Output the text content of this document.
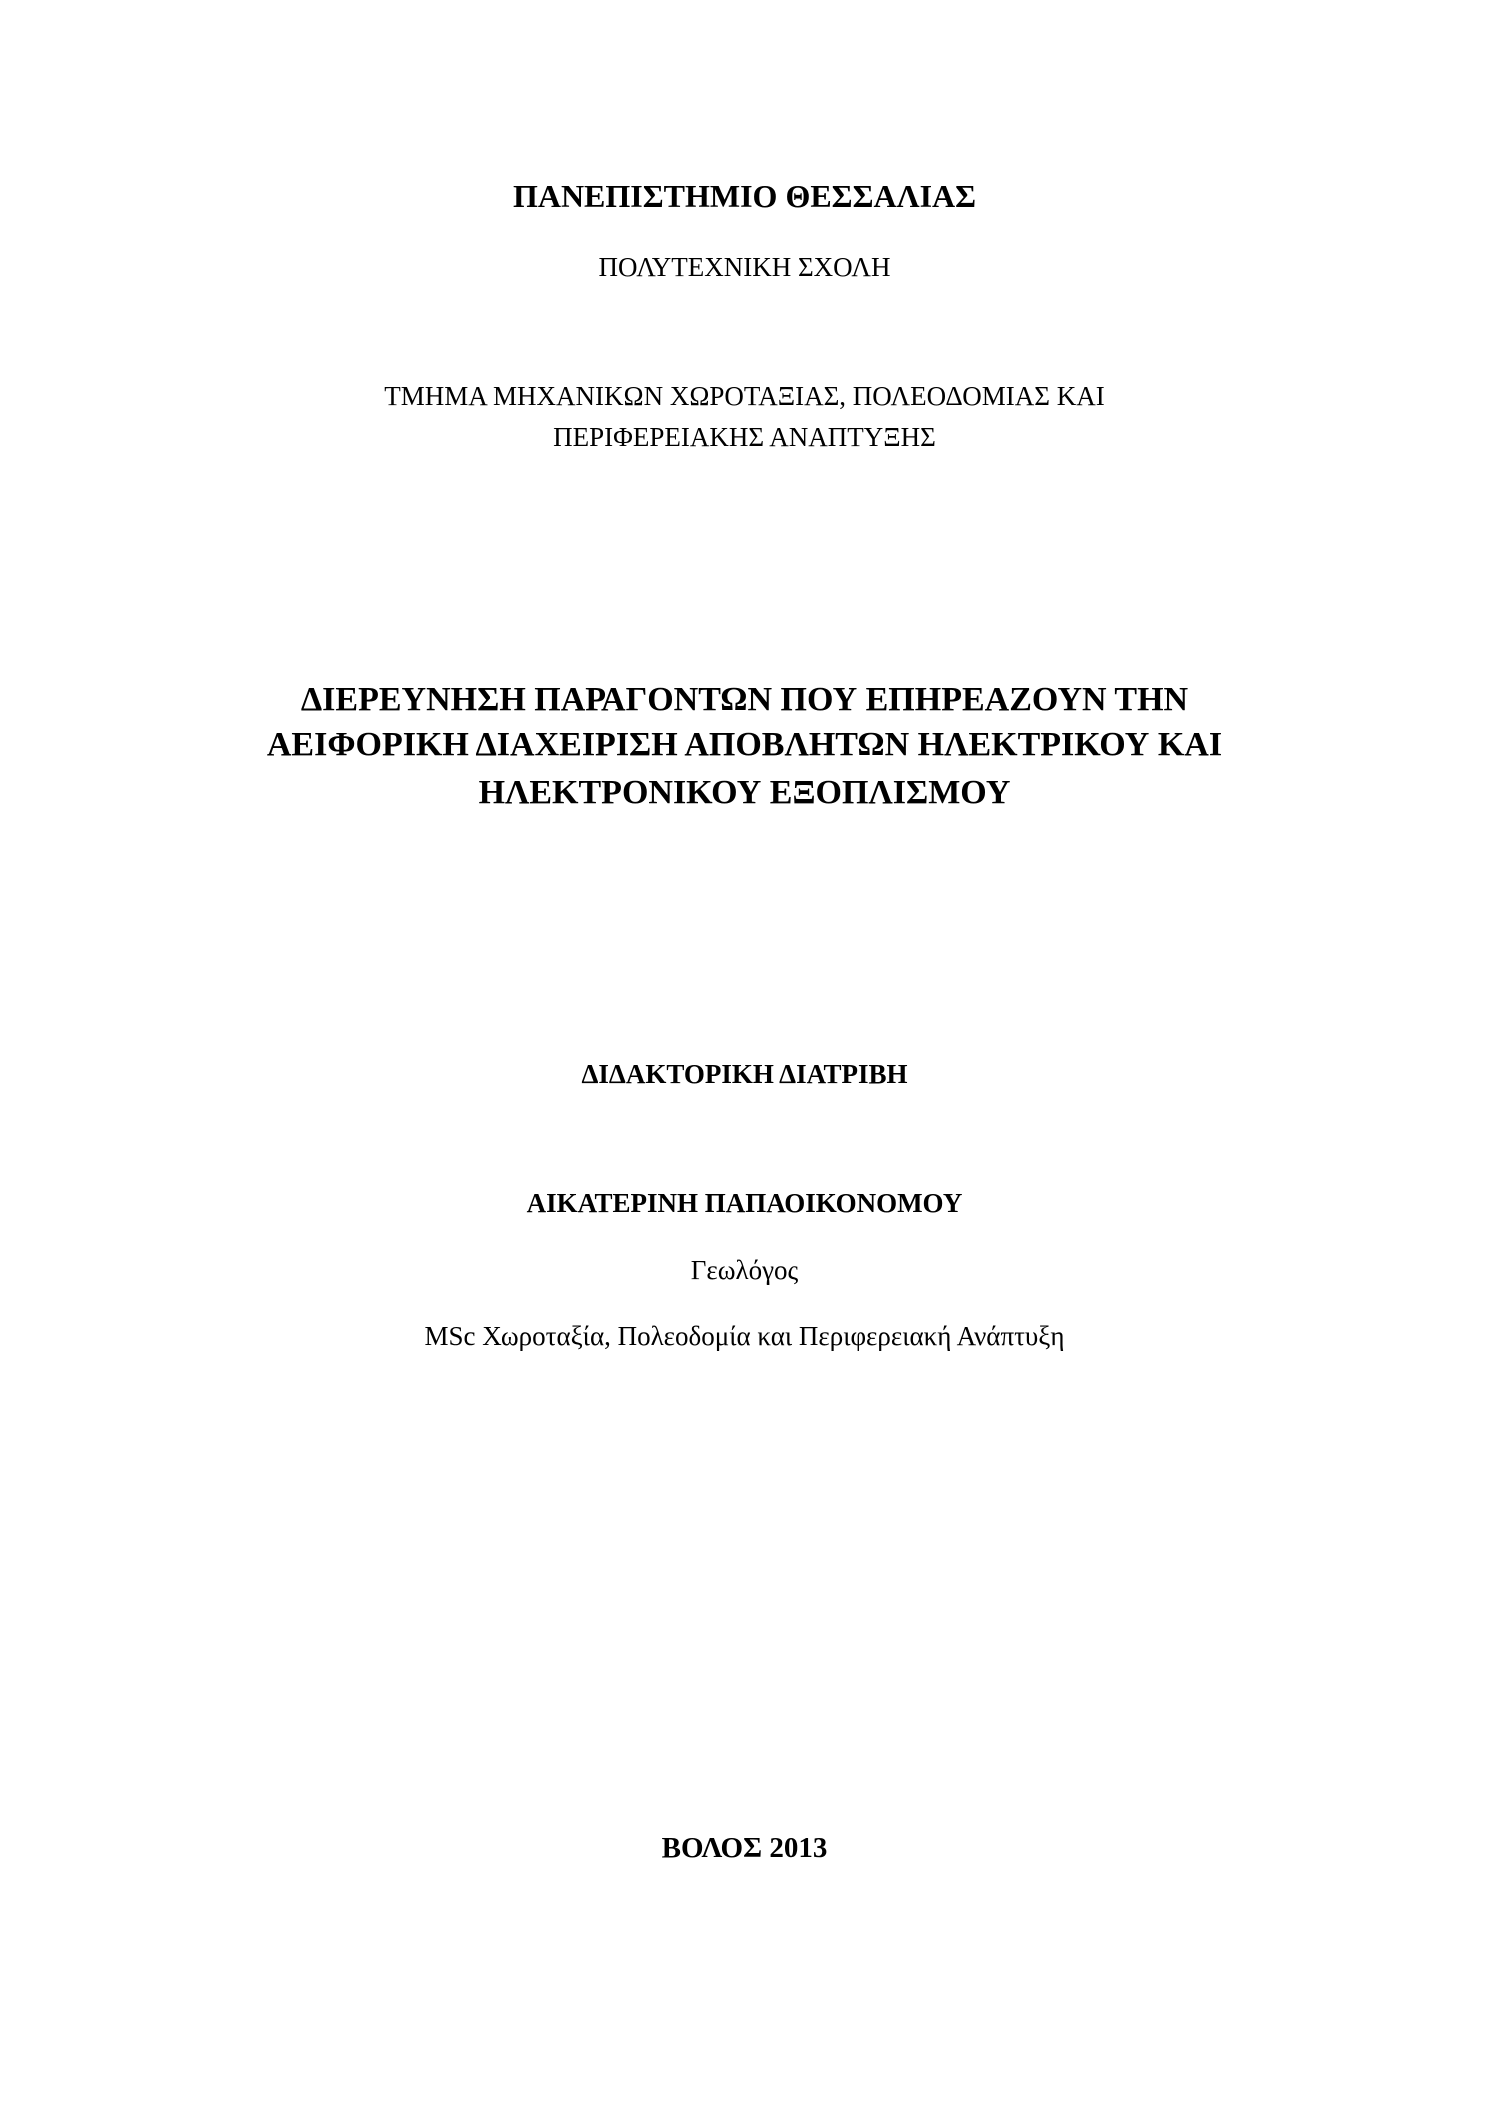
ΠΑΝΕΠΙΣΤΗΜΙΟ ΘΕΣΣΑΛΙΑΣ
ΠΟΛΥΤΕΧΝΙΚΗ ΣΧΟΛΗ
ΤΜΗΜΑ ΜΗΧΑΝΙΚΩΝ ΧΩΡΟΤΑΞΙΑΣ, ΠΟΛΕΟΔΟΜΙΑΣ ΚΑΙ
ΠΕΡΙΦΕΡΕΙΑΚΗΣ ΑΝΑΠΤΥΞΗΣ
ΔΙΕΡΕΥΝΗΣΗ ΠΑΡΑΓΟΝΤΩΝ ΠΟΥ ΕΠΗΡΕΑΖΟΥΝ ΤΗΝ
ΑΕΙΦΟΡΙΚΗ ΔΙΑΧΕΙΡΙΣΗ ΑΠΟΒΛΗΤΩΝ ΗΛΕΚΤΡΙΚΟΥ ΚΑΙ
ΗΛΕΚΤΡΟΝΙΚΟΥ ΕΞΟΠΛΙΣΜΟΥ
ΔΙΔΑΚΤΟΡΙΚΗ ΔΙΑΤΡΙΒΗ
ΑΙΚΑΤΕΡΙΝΗ ΠΑΠΑΟΙΚΟΝΟΜΟΥ
Γεωλόγος
MSc Χωροταξία, Πολεοδομία και Περιφερειακή Ανάπτυξη
ΒΟΛΟΣ 2013
